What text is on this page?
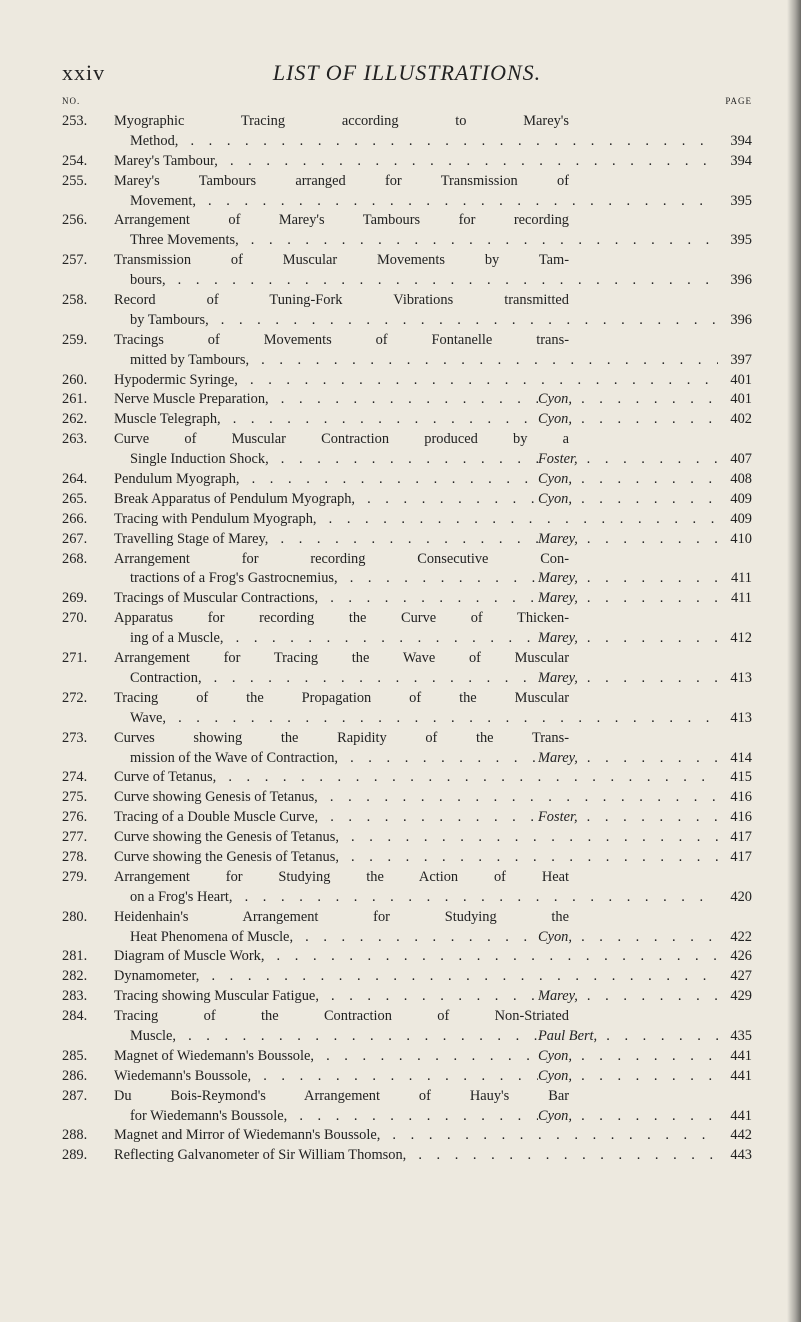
xxiv	LIST OF ILLUSTRATIONS.
NO.	PAGE
253. Myographic Tracing according to Marey's
Method, . . .	394
254. Marey's Tambour, . . .	394
255. Marey's Tambours arranged for Transmission of
Movement, . . .	395
256. Arrangement of Marey's Tambours for recording
Three Movements, . . .	395
257. Transmission of Muscular Movements by Tam-
bours, . . .	396
258. Record of Tuning-Fork Vibrations transmitted
by Tambours, . . .	396
259. Tracings of Movements of Fontanelle trans-
mitted by Tambours, . . .	397
260. Hypodermic Syringe, . . .	401
261. Nerve Muscle Preparation, . . .	Cyon, . . .	401
262. Muscle Telegraph, . . .	Cyon, . . .	402
263. Curve of Muscular Contraction produced by a
Single Induction Shock, . . .	Foster, . . .	407
264. Pendulum Myograph, . . .	Cyon, . . .	408
265. Break Apparatus of Pendulum Myograph, . . .	Cyon, . . .	409
266. Tracing with Pendulum Myograph, . . .	409
267. Travelling Stage of Marey, . . .	Marey, . . .	410
268. Arrangement for recording Consecutive Con-
tractions of a Frog's Gastrocnemius, . . .	Marey, . . .	411
269. Tracings of Muscular Contractions, . . .	Marey, . . .	411
270. Apparatus for recording the Curve of Thicken-
ing of a Muscle, . . .	Marey, . . .	412
271. Arrangement for Tracing the Wave of Muscular
Contraction, . . .	Marey, . . .	413
272. Tracing of the Propagation of the Muscular
Wave, . . .	413
273. Curves showing the Rapidity of the Trans-
mission of the Wave of Contraction, . . .	Marey, . . .	414
274. Curve of Tetanus, . . .	415
275. Curve showing Genesis of Tetanus, . . .	416
276. Tracing of a Double Muscle Curve, . . .	Foster, . . .	416
277. Curve showing the Genesis of Tetanus, . . .	417
278. Curve showing the Genesis of Tetanus, . . .	417
279. Arrangement for Studying the Action of Heat
on a Frog's Heart, . . .	420
280. Heidenhain's Arrangement for Studying the
Heat Phenomena of Muscle, . . .	Cyon, . . .	422
281. Diagram of Muscle Work, . . .	426
282. Dynamometer, . . .	427
283. Tracing showing Muscular Fatigue, . . .	Marey, . . .	429
284. Tracing of the Contraction of Non-Striated
Muscle, . . .	Paul Bert, . . .	435
285. Magnet of Wiedemann's Boussole, . . .	Cyon, . . .	441
286. Wiedemann's Boussole, . . .	Cyon, . . .	441
287. Du Bois-Reymond's Arrangement of Hauy's Bar
for Wiedemann's Boussole, . . .	Cyon, . . .	441
288. Magnet and Mirror of Wiedemann's Boussole, . . .	442
289. Reflecting Galvanometer of Sir William Thomson, . . .	443
